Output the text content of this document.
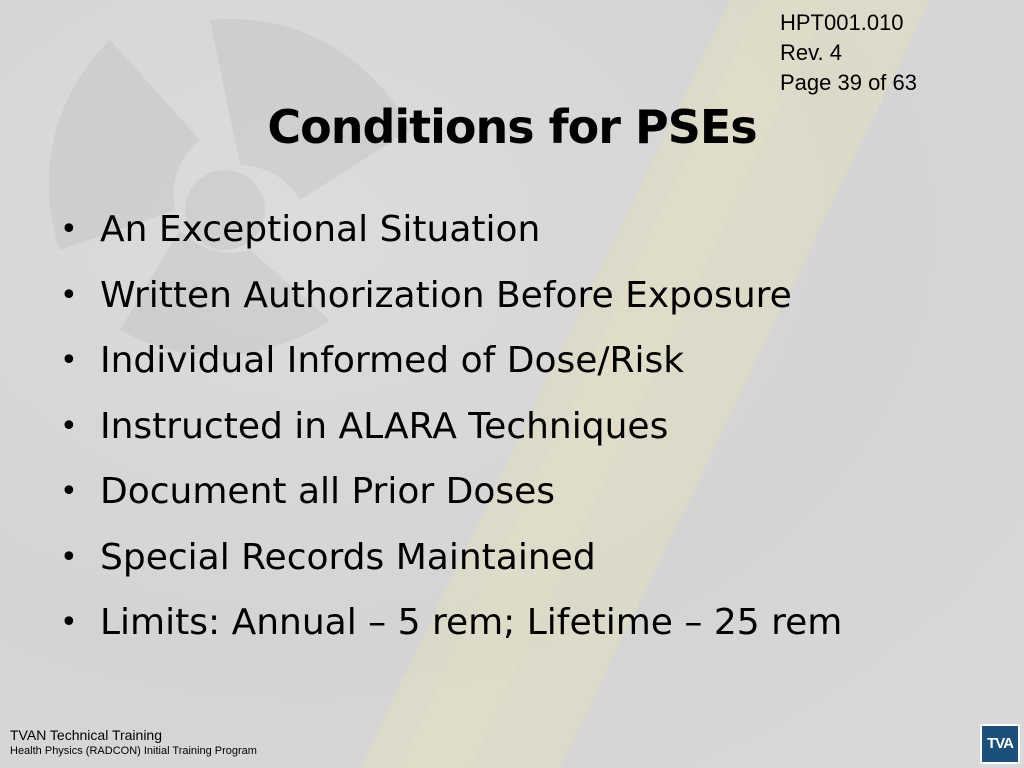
HPT001.010
Rev. 4
Page 39 of 63
Conditions for PSEs
• An Exceptional Situation
• Written Authorization Before Exposure
• Individual Informed of Dose/Risk
• Instructed in ALARA Techniques
• Document all Prior Doses
• Special Records Maintained
• Limits: Annual – 5 rem; Lifetime – 25 rem
TVAN Technical Training
Health Physics (RADCON) Initial Training Program	TVA
